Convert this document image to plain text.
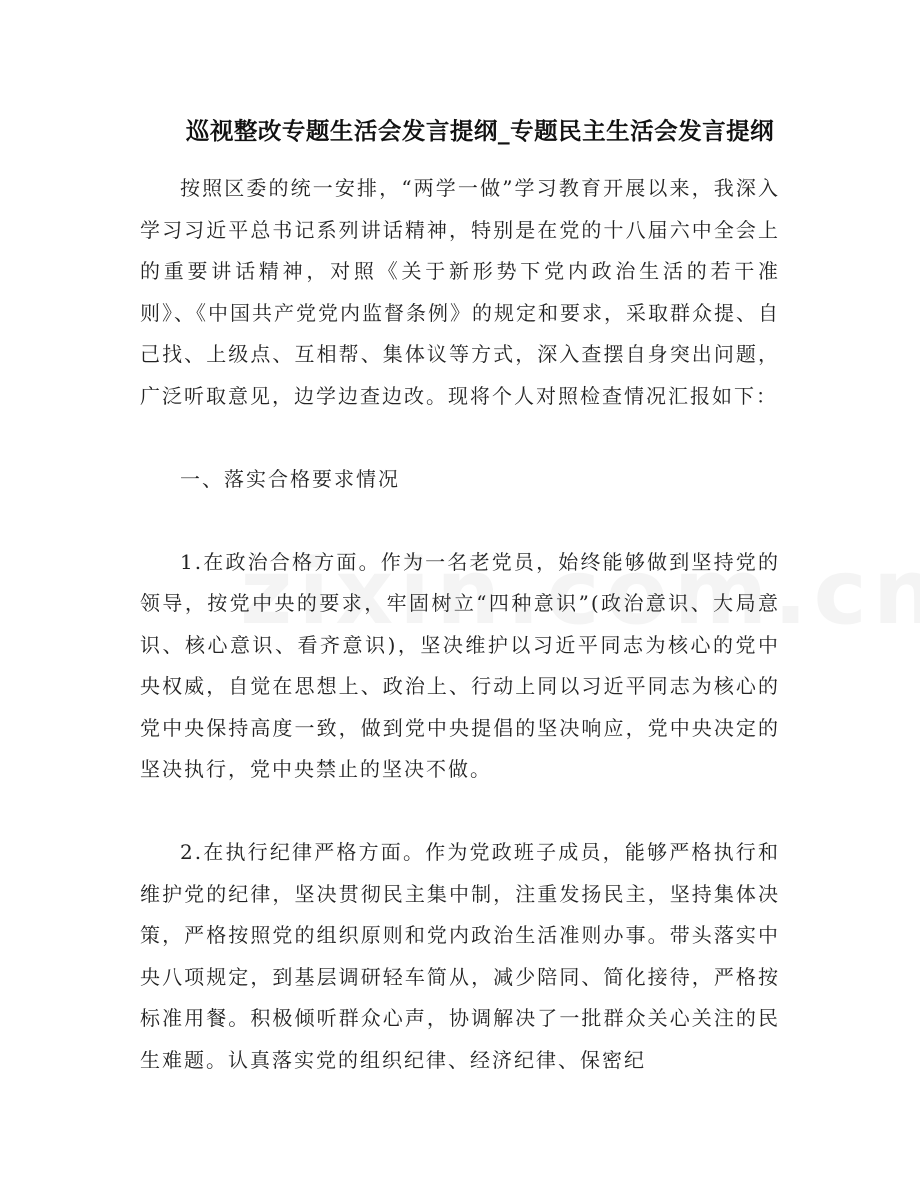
巡视整改专题生活会发言提纲_专题民主生活会发言提纲

按照区委的统一安排，“两学一做”学习教育开展以来，我深入学习习近平总书记系列讲话精神，特别是在党的十八届六中全会上的重要讲话精神，对照《关于新形势下党内政治生活的若干准则》、《中国共产党党内监督条例》的规定和要求，采取群众提、自己找、上级点、互相帮、集体议等方式，深入查摆自身突出问题，广泛听取意见，边学边查边改。现将个人对照检查情况汇报如下：

一、落实合格要求情况

1.在政治合格方面。作为一名老党员，始终能够做到坚持党的领导，按党中央的要求，牢固树立“四种意识”(政治意识、大局意识、核心意识、看齐意识)，坚决维护以习近平同志为核心的党中央权威，自觉在思想上、政治上、行动上同以习近平同志为核心的党中央保持高度一致，做到党中央提倡的坚决响应，党中央决定的坚决执行，党中央禁止的坚决不做。

2.在执行纪律严格方面。作为党政班子成员，能够严格执行和维护党的纪律，坚决贯彻民主集中制，注重发扬民主，坚持集体决策，严格按照党的组织原则和党内政治生活准则办事。带头落实中央八项规定，到基层调研轻车简从，减少陪同、简化接待，严格按标准用餐。积极倾听群众心声，协调解决了一批群众关心关注的民生难题。认真落实党的组织纪律、经济纪律、保密纪
